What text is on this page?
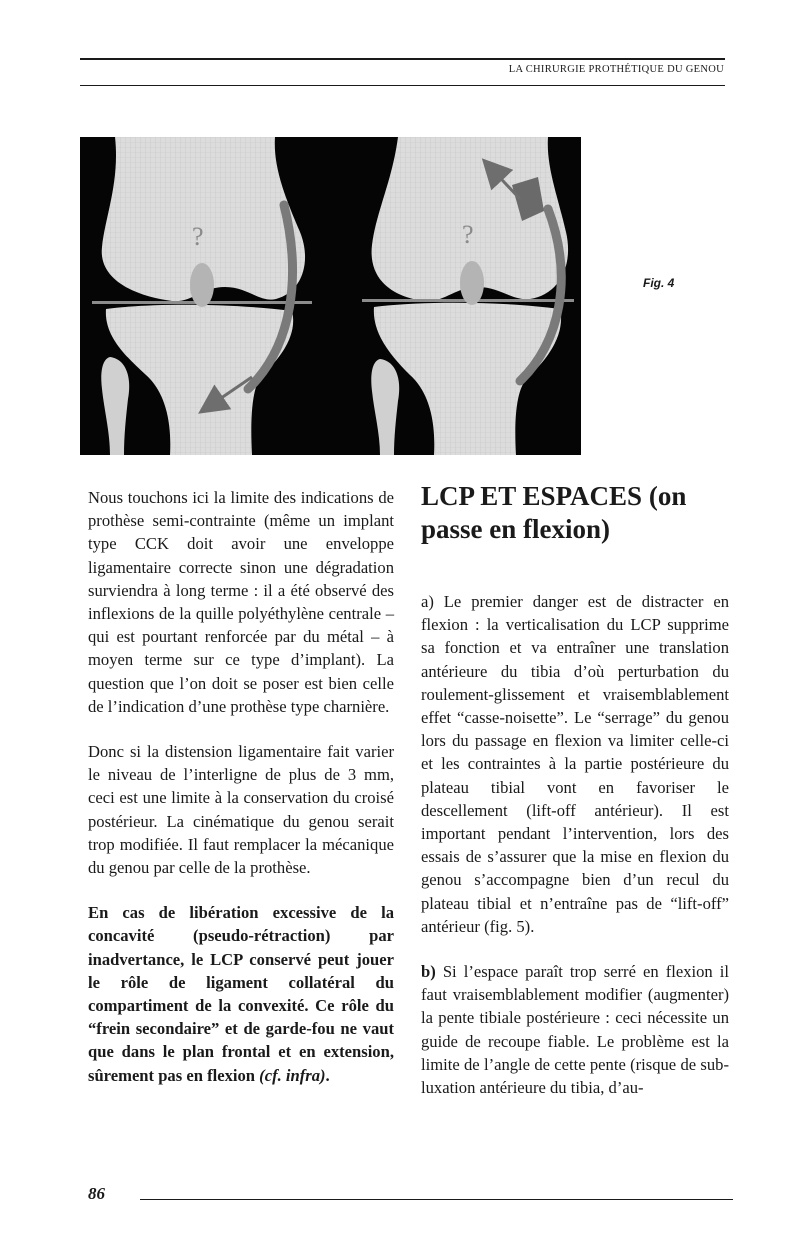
LA CHIRURGIE PROTHÉTIQUE DU GENOU
?	?
Fig. 4

Nous touchons ici la limite des indications de prothèse semi-contrainte (même un implant type CCK doit avoir une enveloppe ligamentaire correcte sinon une dégradation surviendra à long terme : il a été observé des inflexions de la quille polyéthylène centrale – qui est pourtant renforcée par du métal – à moyen terme sur ce type d’implant). La question que l’on doit se poser est bien celle de l’indication d’une prothèse type charnière.

Donc si la distension ligamentaire fait varier le niveau de l’interligne de plus de 3 mm, ceci est une limite à la conservation du croisé postérieur. La cinématique du genou serait trop modifiée. Il faut remplacer la mécanique du genou par celle de la prothèse.

En cas de libération excessive de la concavité (pseudo-rétraction) par inadvertance, le LCP conservé peut jouer le rôle de ligament collatéral du compartiment de la convexité. Ce rôle du “frein secondaire” et de garde-fou ne vaut que dans le plan frontal et en extension, sûrement pas en flexion (cf. infra).

LCP ET ESPACES (on passe en flexion)

a) Le premier danger est de distracter en flexion : la verticalisation du LCP supprime sa fonction et va entraîner une translation antérieure du tibia d’où perturbation du roulement-glissement et vraisemblablement effet “casse-noisette”. Le “serrage” du genou lors du passage en flexion va limiter celle-ci et les contraintes à la partie postérieure du plateau tibial vont en favoriser le descellement (lift-off antérieur). Il est important pendant l’intervention, lors des essais de s’assurer que la mise en flexion du genou s’accompagne bien d’un recul du plateau tibial et n’entraîne pas de “lift-off” antérieur (fig. 5).

b) Si l’espace paraît trop serré en flexion il faut vraisemblablement modifier (augmenter) la pente tibiale postérieure : ceci nécessite un guide de recoupe fiable. Le problème est la limite de l’angle de cette pente (risque de sub-luxation antérieure du tibia, d’au-

86
